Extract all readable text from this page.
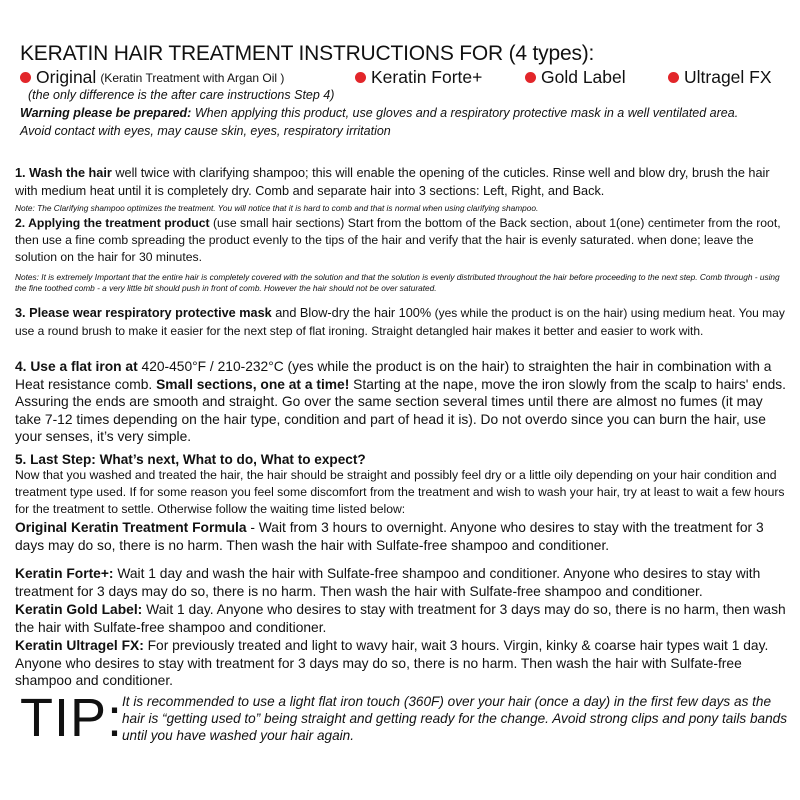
KERATIN HAIR TREATMENT INSTRUCTIONS FOR (4 types):
Original (Keratin Treatment with Argan Oil )	Keratin Forte+	Gold Label	Ultragel FX
(the only difference is the after care instructions Step 4)
Warning please be prepared: When applying this product, use gloves and a respiratory protective mask in a well ventilated area.
Avoid contact with eyes, may cause skin, eyes, respiratory irritation
1. Wash the hair well twice with clarifying shampoo; this will enable the opening of the cuticles. Rinse well and blow dry, brush the hair with medium heat until it is completely dry. Comb and separate hair into 3 sections: Left, Right, and Back.
Note: The Clarifying shampoo optimizes the treatment. You will notice that it is hard to comb and that is normal when using clarifying shampoo.
2. Applying the treatment product (use small hair sections) Start from the bottom of the Back section, about 1(one) centimeter from the root, then use a fine comb spreading the product evenly to the tips of the hair and verify that the hair is evenly saturated. when done; leave the solution on the hair for 30 minutes.
Notes: It is extremely Important that the entire hair is completely covered with the solution and that the solution is evenly distributed throughout the hair before proceeding to the next step. Comb through - using the fine toothed comb - a very little bit should push in front of comb. However the hair should not be over saturated.
3. Please wear respiratory protective mask and Blow-dry the hair 100% (yes while the product is on the hair) using medium heat. You may use a round brush to make it easier for the next step of flat ironing. Straight detangled hair makes it better and easier to work with.
4. Use a flat iron at 420-450°F / 210-232°C (yes while the product is on the hair) to straighten the hair in combination with a Heat resistance comb. Small sections, one at a time! Starting at the nape, move the iron slowly from the scalp to hairs' ends. Assuring the ends are smooth and straight. Go over the same section several times until there are almost no fumes (it may take 7-12 times depending on the hair type, condition and part of head it is). Do not overdo since you can burn the hair, use your senses, it’s very simple.
5. Last Step: What’s next, What to do, What to expect?
Now that you washed and treated the hair, the hair should be straight and possibly feel dry or a little oily depending on your hair condition and treatment type used. If for some reason you feel some discomfort from the treatment and wish to wash your hair, try at least to wait a few hours for the treatment to settle. Otherwise follow the waiting time listed below:
Original Keratin Treatment Formula - Wait from 3 hours to overnight. Anyone who desires to stay with the treatment for 3 days may do so, there is no harm. Then wash the hair with Sulfate-free shampoo and conditioner.
Keratin Forte+: Wait 1 day and wash the hair with Sulfate-free shampoo and conditioner. Anyone who desires to stay with treatment for 3 days may do so, there is no harm. Then wash the hair with Sulfate-free shampoo and conditioner.
Keratin Gold Label: Wait 1 day. Anyone who desires to stay with treatment for 3 days may do so, there is no harm, then wash the hair with Sulfate-free shampoo and conditioner.
Keratin Ultragel FX: For previously treated and light to wavy hair, wait 3 hours. Virgin, kinky & coarse hair types wait 1 day. Anyone who desires to stay with treatment for 3 days may do so, there is no harm. Then wash the hair with Sulfate-free shampoo and conditioner.
TIP:
It is recommended to use a light flat iron touch (360F) over your hair (once a day) in the first few days as the hair is “getting used to” being straight and getting ready for the change. Avoid strong clips and pony tails bands until you have washed your hair again.
